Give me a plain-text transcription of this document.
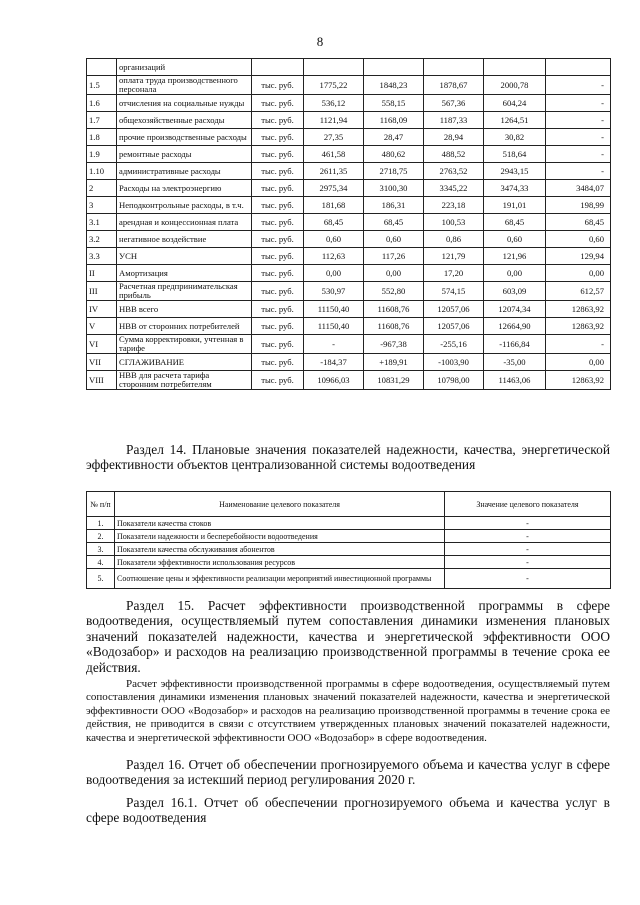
8
	организаций						
1.5	оплата труда производственного персонала	тыс. руб.	1775,22	1848,23	1878,67	2000,78	-
1.6	отчисления на социальные нужды	тыс. руб.	536,12	558,15	567,36	604,24	-
1.7	общехозяйственные расходы	тыс. руб.	1121,94	1168,09	1187,33	1264,51	-
1.8	прочие производственные расходы	тыс. руб.	27,35	28,47	28,94	30,82	-
1.9	ремонтные расходы	тыс. руб.	461,58	480,62	488,52	518,64	-
1.10	административные расходы	тыс. руб.	2611,35	2718,75	2763,52	2943,15	-
2	Расходы на электроэнергию	тыс. руб.	2975,34	3100,30	3345,22	3474,33	3484,07
3	Неподконтрольные расходы, в т.ч.	тыс. руб.	181,68	186,31	223,18	191,01	198,99
3.1	арендная и концессионная плата	тыс. руб.	68,45	68,45	100,53	68,45	68,45
3.2	негативное воздействие	тыс. руб.	0,60	0,60	0,86	0,60	0,60
3.3	УСН	тыс. руб.	112,63	117,26	121,79	121,96	129,94
II	Амортизация	тыс. руб.	0,00	0,00	17,20	0,00	0,00
III	Расчетная предпринимательская прибыль	тыс. руб.	530,97	552,80	574,15	603,09	612,57
IV	НВВ всего	тыс. руб.	11150,40	11608,76	12057,06	12074,34	12863,92
V	НВВ от сторонних потребителей	тыс. руб.	11150,40	11608,76	12057,06	12664,90	12863,92
VI	Сумма корректировки, учтенная в тарифе	тыс. руб.	-	-967,38	-255,16	-1166,84	-
VII	СГЛАЖИВАНИЕ	тыс. руб.	-184,37	+189,91	-1003,90	-35,00	0,00
VIII	НВВ для расчета тарифа сторонним потребителям	тыс. руб.	10966,03	10831,29	10798,00	11463,06	12863,92
Раздел 14. Плановые значения показателей надежности, качества, энергетической эффективности объектов централизованной системы водоотведения
№ п/п	Наименование целевого показателя	Значение целевого показателя
1.	Показатели качества стоков	-
2.	Показатели надежности и бесперебойности водоотведения	-
3.	Показатели качества обслуживания абонентов	-
4.	Показатели эффективности использования ресурсов	-
5.	Соотношение цены и эффективности реализации мероприятий инвестиционной программы	-
Раздел 15. Расчет эффективности производственной программы в сфере водоотведения, осуществляемый путем сопоставления динамики изменения плановых значений показателей надежности, качества и энергетической эффективности ООО «Водозабор» и расходов на реализацию производственной программы в течение срока ее действия.
Расчет эффективности производственной программы в сфере водоотведения, осуществляемый путем сопоставления динамики изменения плановых значений показателей надежности, качества и энергетической эффективности ООО «Водозабор» и расходов на реализацию производственной программы в течение срока ее действия, не приводится в связи с отсутствием утвержденных плановых значений показателей надежности, качества и энергетической эффективности ООО «Водозабор» в сфере водоотведения.
Раздел 16. Отчет об обеспечении прогнозируемого объема и качества услуг в сфере водоотведения за истекший период регулирования 2020 г.
Раздел 16.1. Отчет об обеспечении прогнозируемого объема и качества услуг в сфере водоотведения
